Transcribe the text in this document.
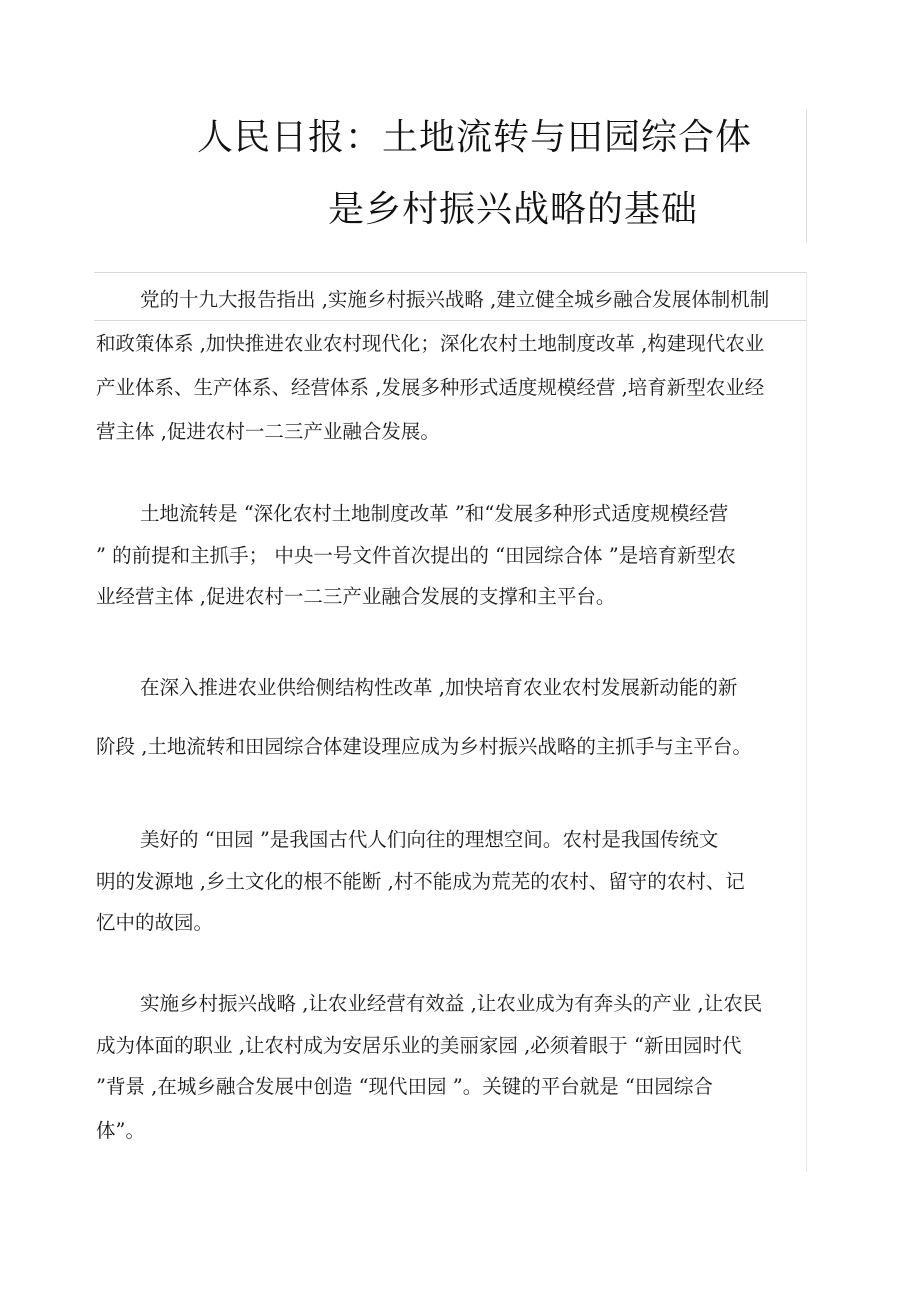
人民日报：土地流转与田园综合体
是乡村振兴战略的基础
党的十九大报告指出 ,实施乡村振兴战略 ,建立健全城乡融合发展体制机制
和政策体系 ,加快推进农业农村现代化；深化农村土地制度改革 ,构建现代农业
产业体系、生产体系、经营体系 ,发展多种形式适度规模经营 ,培育新型农业经
营主体 ,促进农村一二三产业融合发展。
土地流转是 “深化农村土地制度改革 ”和“发展多种形式适度规模经营
” 的前提和主抓手； 中央一号文件首次提出的 “田园综合体 ”是培育新型农
业经营主体 ,促进农村一二三产业融合发展的支撑和主平台。
在深入推进农业供给侧结构性改革 ,加快培育农业农村发展新动能的新
阶段 ,土地流转和田园综合体建设理应成为乡村振兴战略的主抓手与主平台。
美好的 “田园 ”是我国古代人们向往的理想空间。农村是我国传统文
明的发源地 ,乡土文化的根不能断 ,村不能成为荒芜的农村、留守的农村、记
忆中的故园。
实施乡村振兴战略 ,让农业经营有效益 ,让农业成为有奔头的产业 ,让农民
成为体面的职业 ,让农村成为安居乐业的美丽家园 ,必须着眼于 “新田园时代
”背景 ,在城乡融合发展中创造 “现代田园 ”。关键的平台就是 “田园综合
体”。
